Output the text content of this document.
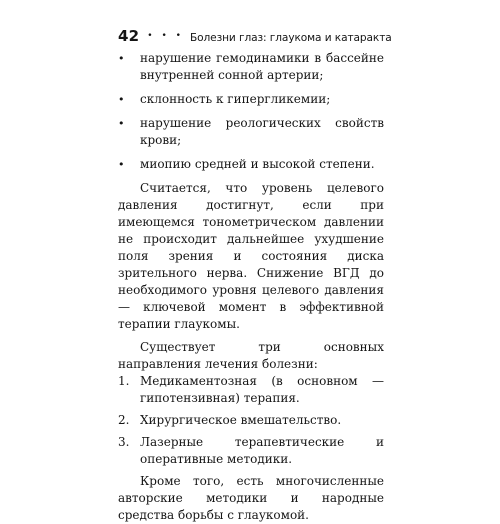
42 • • • Болезни глаз: глаукома и катаракта
•	нарушение гемодинамики в бассейне внутренней сонной артерии;
•	склонность к гипергликемии;
•	нарушение реологических свойств крови;
•	миопию средней и высокой степени.

Считается, что уровень целевого давления достигнут, если при имеющемся тонометрическом давлении не происходит дальнейшее ухудшение поля зрения и состояния диска зрительного нерва. Снижение ВГД до необходимого уровня целевого давления — ключевой момент в эффективной терапии глаукомы.

Существует три основных направления лечения болезни:

1. Медикаментозная (в основном — гипотензивная) терапия.
2. Хирургическое вмешательство.
3. Лазерные терапевтические и оперативные методики.

Кроме того, есть многочисленные авторские методики и народные средства борьбы с глаукомой.
